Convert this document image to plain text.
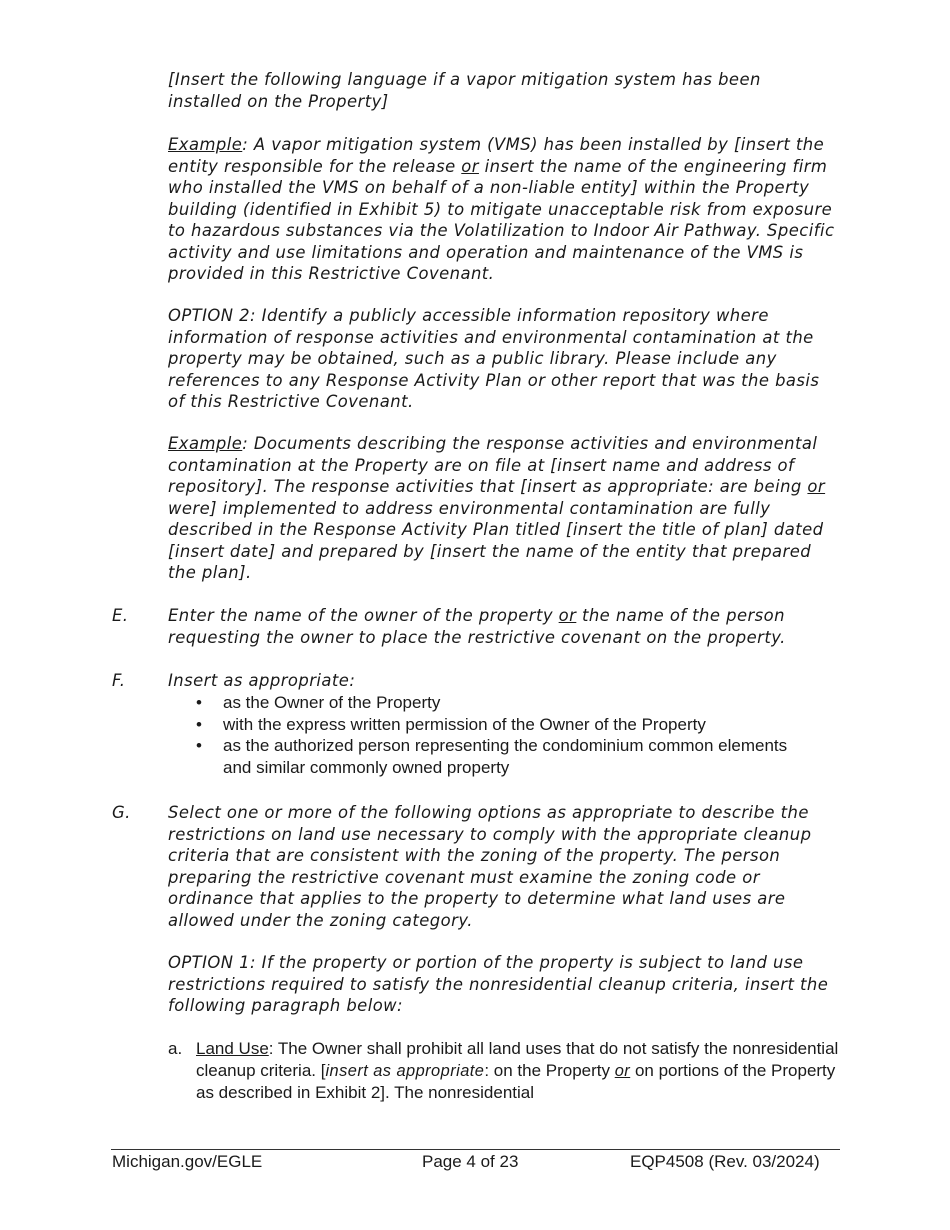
[Insert the following language if a vapor mitigation system has been installed on the Property]

Example: A vapor mitigation system (VMS) has been installed by [insert the entity responsible for the release or insert the name of the engineering firm who installed the VMS on behalf of a non-liable entity] within the Property building (identified in Exhibit 5) to mitigate unacceptable risk from exposure to hazardous substances via the Volatilization to Indoor Air Pathway. Specific activity and use limitations and operation and maintenance of the VMS is provided in this Restrictive Covenant.

OPTION 2: Identify a publicly accessible information repository where information of response activities and environmental contamination at the property may be obtained, such as a public library. Please include any references to any Response Activity Plan or other report that was the basis of this Restrictive Covenant.

Example: Documents describing the response activities and environmental contamination at the Property are on file at [insert name and address of repository]. The response activities that [insert as appropriate: are being or were] implemented to address environmental contamination are fully described in the Response Activity Plan titled [insert the title of plan] dated [insert date] and prepared by [insert the name of the entity that prepared the plan].

E. Enter the name of the owner of the property or the name of the person requesting the owner to place the restrictive covenant on the property.

F.	Insert as appropriate:

• as the Owner of the Property
• with the express written permission of the Owner of the Property
• as the authorized person representing the condominium common elements and similar commonly owned property

G. Select one or more of the following options as appropriate to describe the restrictions on land use necessary to comply with the appropriate cleanup criteria that are consistent with the zoning of the property. The person preparing the restrictive covenant must examine the zoning code or ordinance that applies to the property to determine what land uses are allowed under the zoning category.

OPTION 1: If the property or portion of the property is subject to land use restrictions required to satisfy the nonresidential cleanup criteria, insert the following paragraph below:

a. Land Use: The Owner shall prohibit all land uses that do not satisfy the nonresidential cleanup criteria. [insert as appropriate: on the Property or on portions of the Property as described in Exhibit 2]. The nonresidential
Michigan.gov/EGLE	Page 4 of 23	EQP4508 (Rev. 03/2024)
